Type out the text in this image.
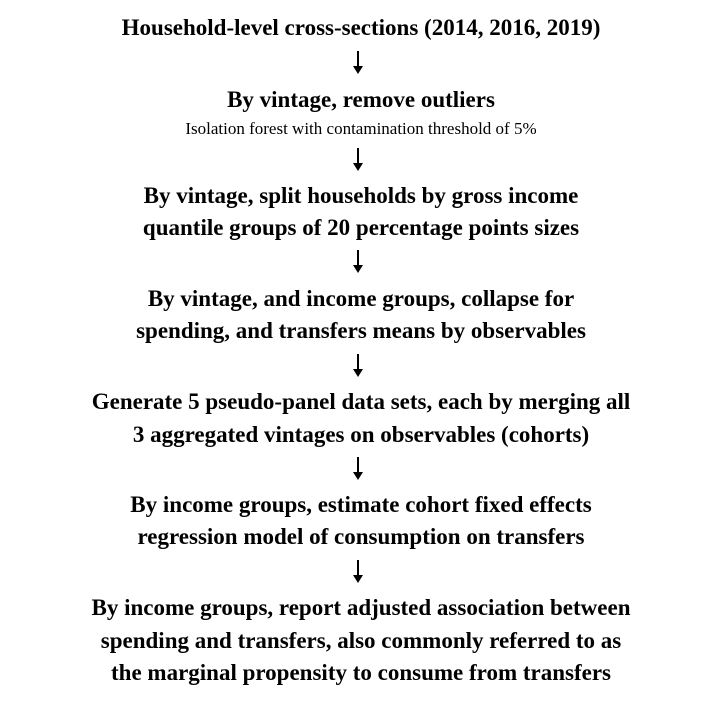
Household-level cross-sections (2014, 2016, 2019)
By vintage, remove outliers
Isolation forest with contamination threshold of 5%
By vintage, split households by gross income
quantile groups of 20 percentage points sizes
By vintage, and income groups, collapse for
spending, and transfers means by observables
Generate 5 pseudo-panel data sets, each by merging all
3 aggregated vintages on observables (cohorts)
By income groups, estimate cohort fixed effects
regression model of consumption on transfers
By income groups, report adjusted association between
spending and transfers, also commonly referred to as
the marginal propensity to consume from transfers
